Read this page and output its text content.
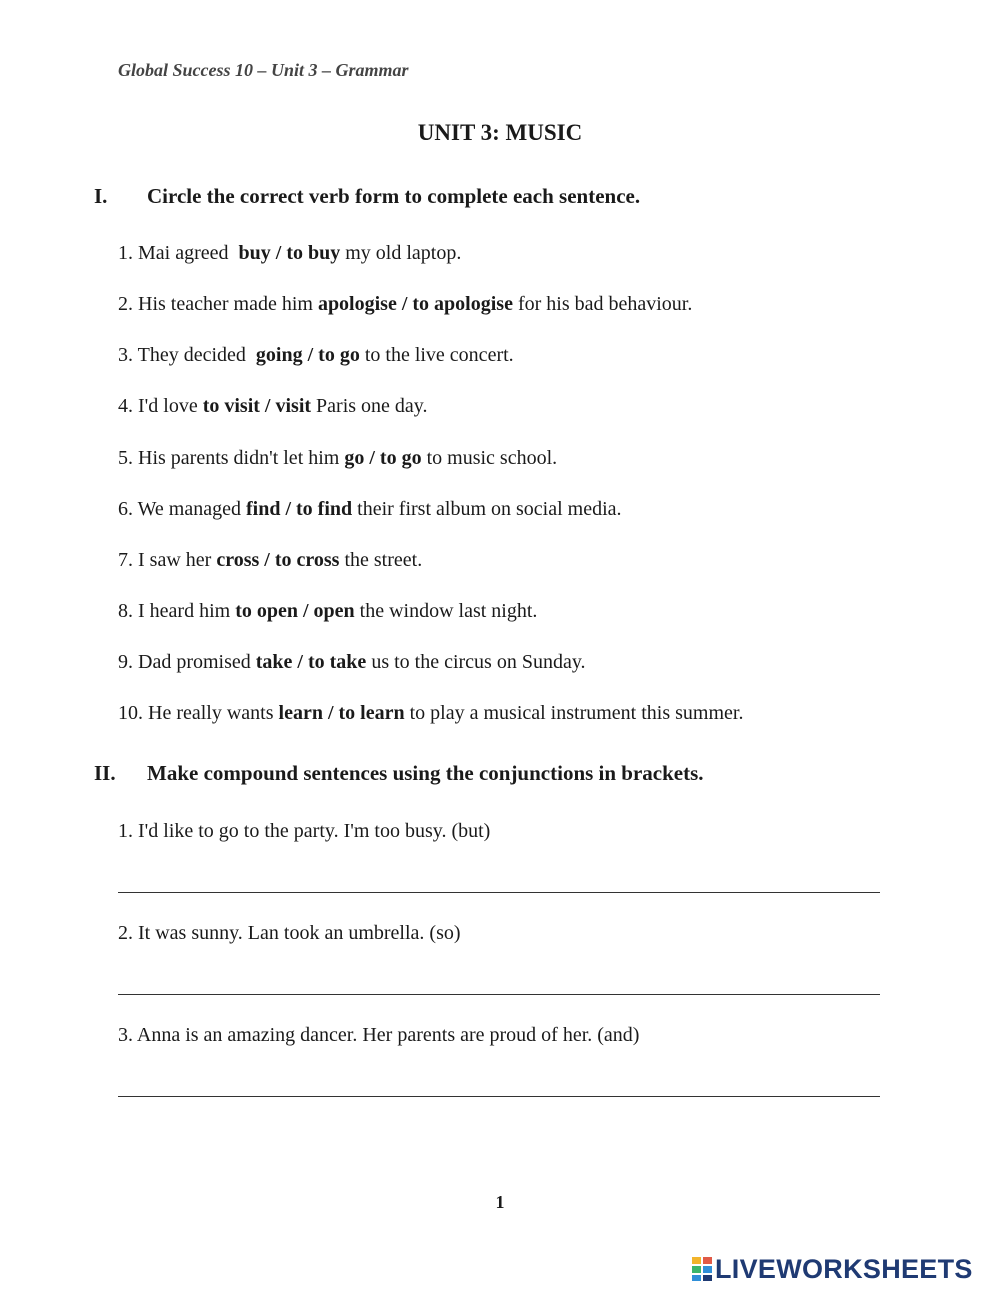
Global Success 10 – Unit 3 – Grammar
UNIT 3: MUSIC
I. Circle the correct verb form to complete each sentence.
1. Mai agreed  buy / to buy my old laptop.
2. His teacher made him apologise / to apologise for his bad behaviour.
3. They decided  going / to go to the live concert.
4. I'd love to visit / visit Paris one day.
5. His parents didn't let him go / to go to music school.
6. We managed find / to find their first album on social media.
7. I saw her cross / to cross the street.
8. I heard him to open / open the window last night.
9. Dad promised take / to take us to the circus on Sunday.
10. He really wants learn / to learn to play a musical instrument this summer.
II. Make compound sentences using the conjunctions in brackets.
1. I'd like to go to the party. I'm too busy. (but)
2. It was sunny. Lan took an umbrella. (so)
3. Anna is an amazing dancer. Her parents are proud of her. (and)
1
LIVEWORKSHEETS
